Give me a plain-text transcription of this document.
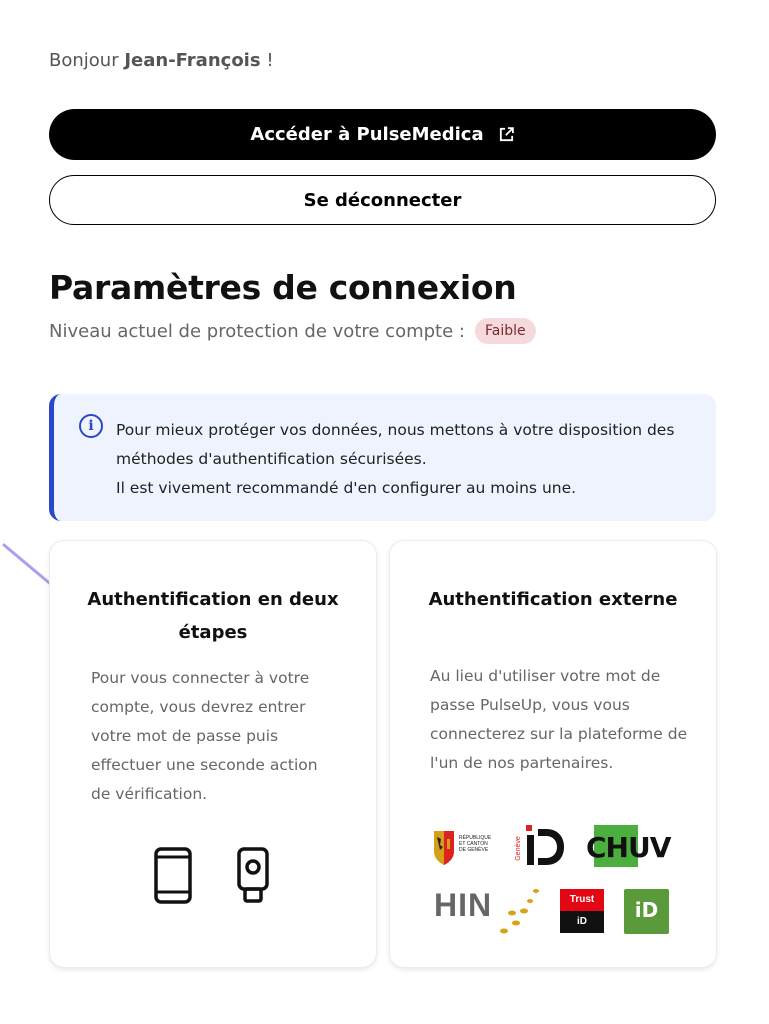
Bonjour Jean-François !
Accéder à PulseMedica
Se déconnecter
Paramètres de connexion
Niveau actuel de protection de votre compte :	Faible
i	Pour mieux protéger vos données, nous mettons à votre disposition des
méthodes d'authentification sécurisées.
Il est vivement recommandé d'en configurer au moins une.
Authentification en deux étapes
Pour vous connecter à votre compte, vous devrez entrer votre mot de passe puis effectuer une seconde action de vérification.
Authentification externe
Au lieu d'utiliser votre mot de passe PulseUp, vous vous connecterez sur la plateforme de l'un de nos partenaires.
RÉPUBLIQUE
ET CANTON
DE GENÈVE	Genève CHUV
HIN	Trust
iD	iD
